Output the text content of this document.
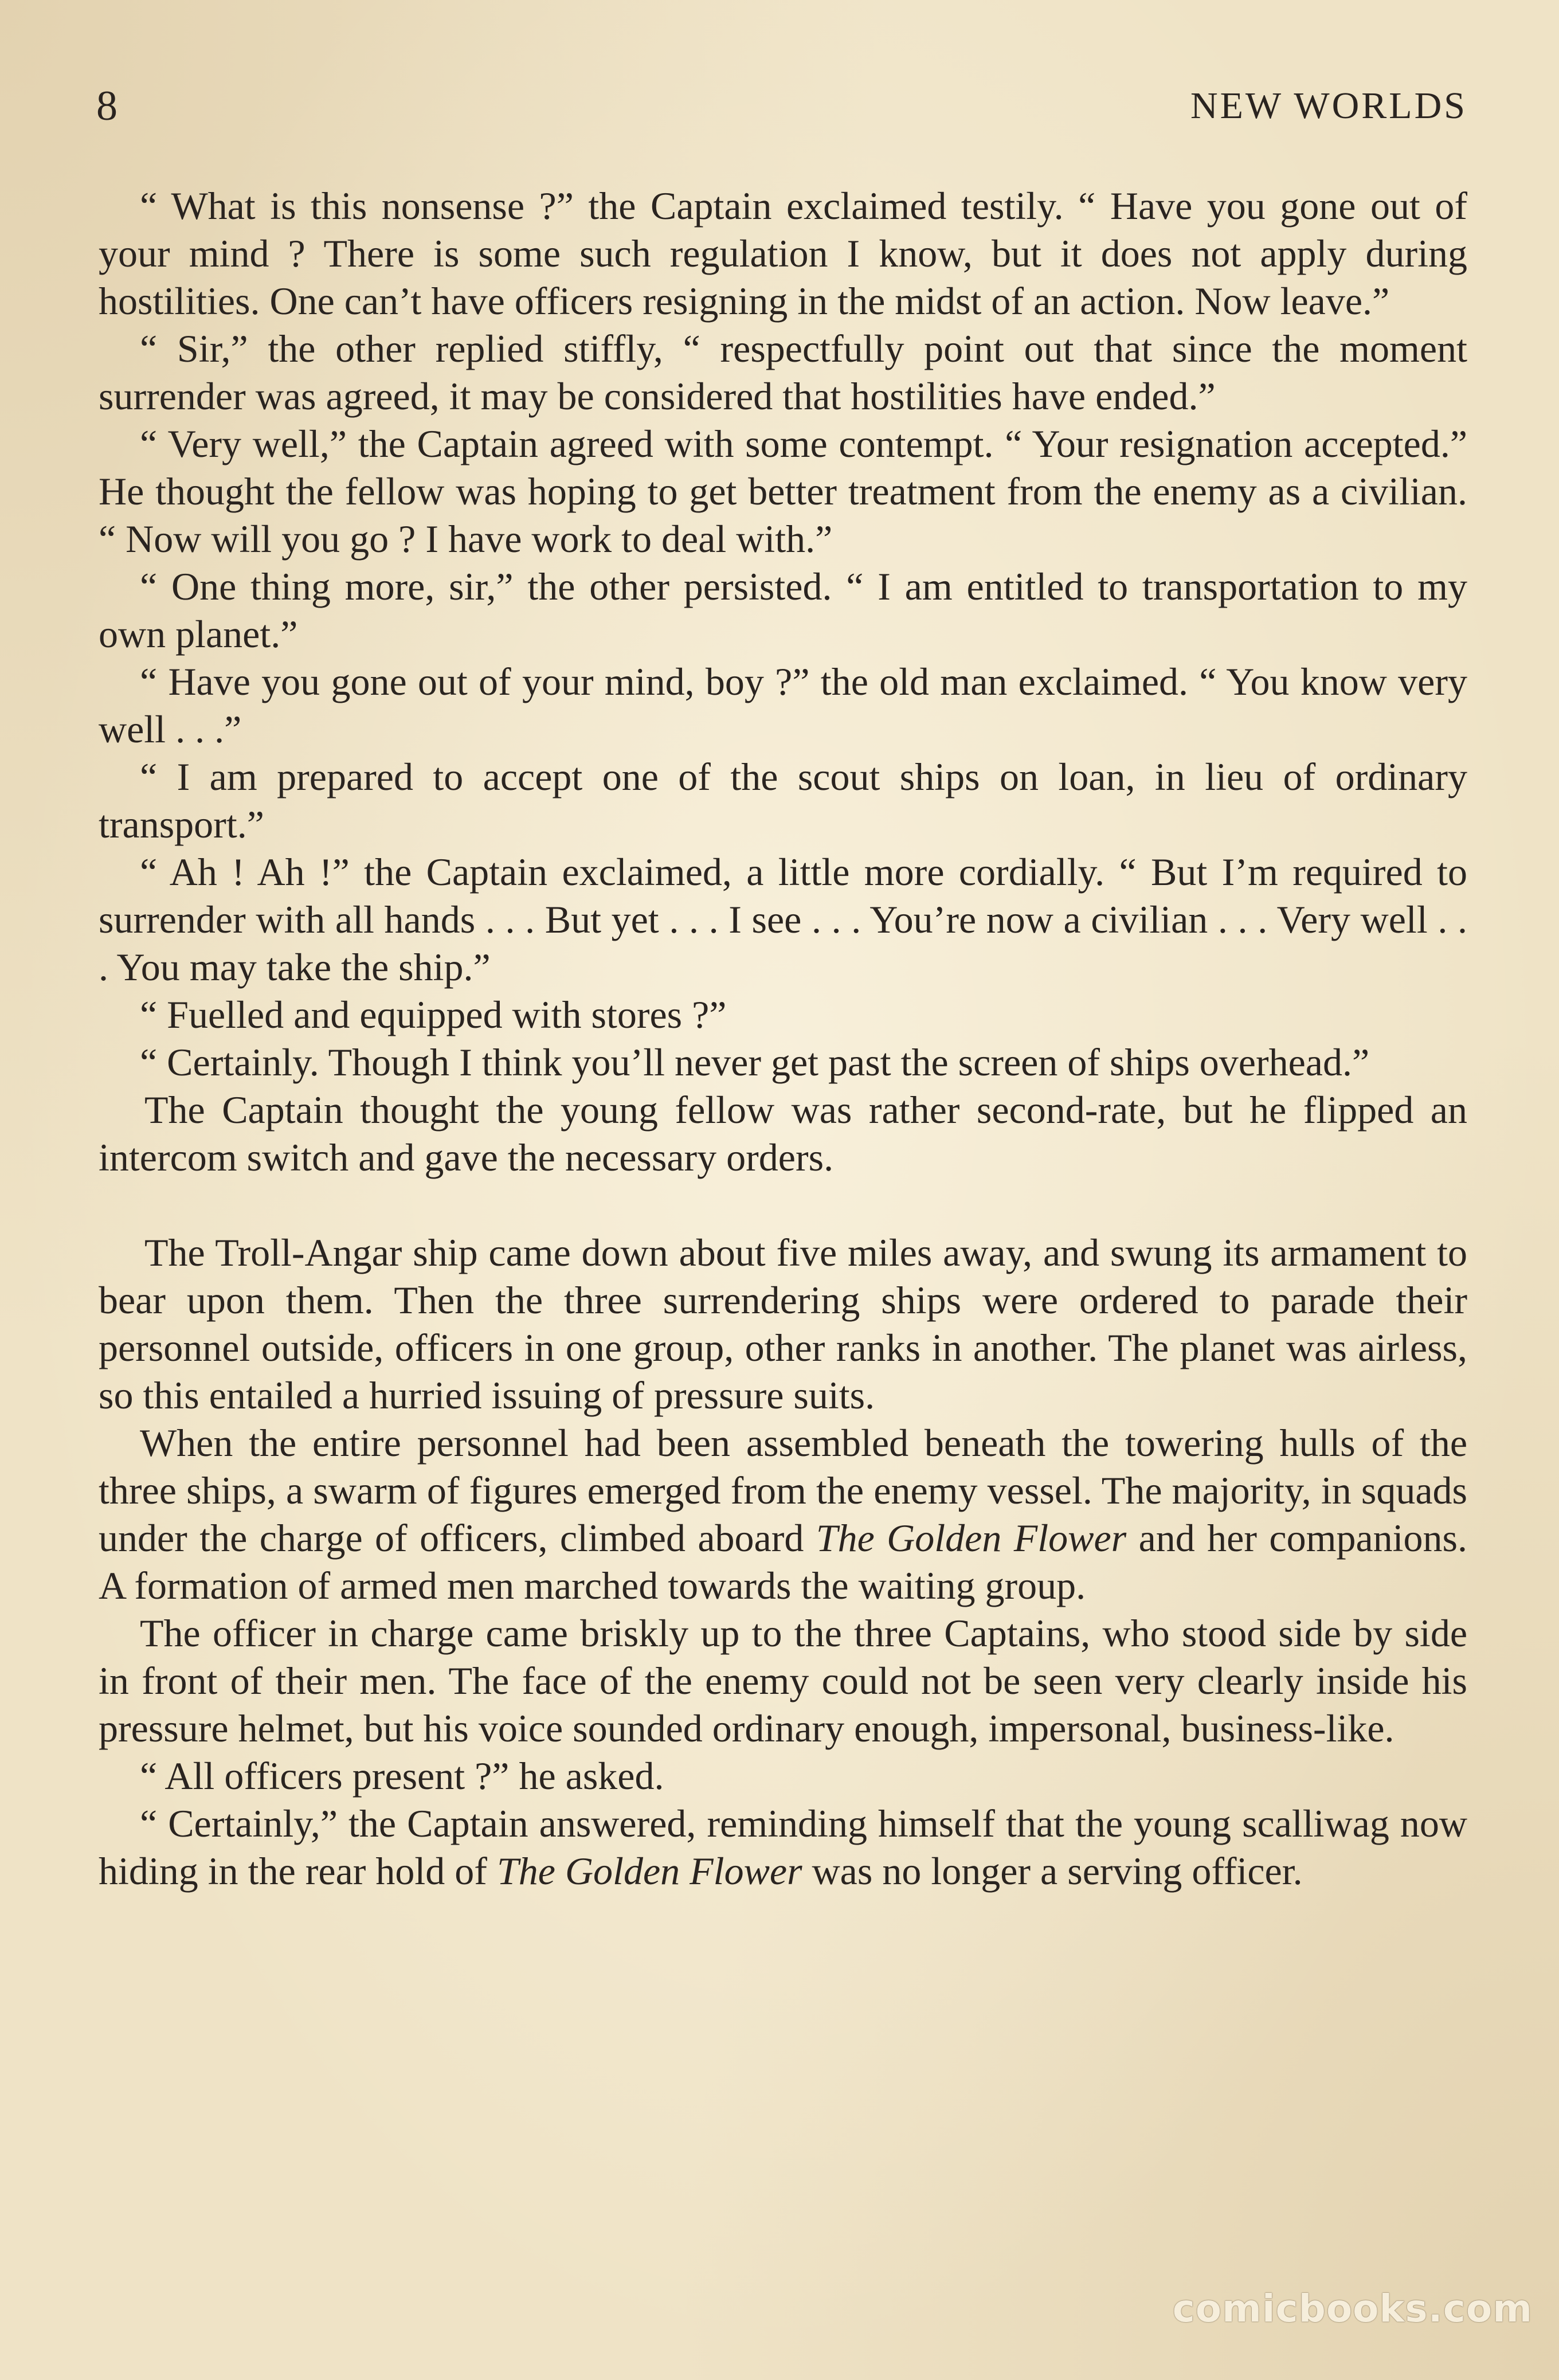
8	NEW WORLDS

“ What is this nonsense ?” the Captain exclaimed testily. “ Have you gone out of your mind ? There is some such regulation I know, but it does not apply during hostilities. One can’t have officers resigning in the midst of an action. Now leave.”

“ Sir,” the other replied stiffly, “ respectfully point out that since the moment surrender was agreed, it may be considered that hostilities have ended.”

“ Very well,” the Captain agreed with some contempt. “ Your resignation accepted.” He thought the fellow was hoping to get better treatment from the enemy as a civilian. “ Now will you go ? I have work to deal with.”

“ One thing more, sir,” the other persisted. “ I am entitled to transportation to my own planet.”

“ Have you gone out of your mind, boy ?” the old man exclaimed. “ You know very well . . .”

“ I am prepared to accept one of the scout ships on loan, in lieu of ordinary transport.”

“ Ah ! Ah !” the Captain exclaimed, a little more cordially. “ But I’m required to surrender with all hands . . . But yet . . . I see . . . You’re now a civilian . . . Very well . . . You may take the ship.”

“ Fuelled and equipped with stores ?”

“ Certainly. Though I think you’ll never get past the screen of ships overhead.”

The Captain thought the young fellow was rather second-rate, but he flipped an intercom switch and gave the necessary orders.

The Troll-Angar ship came down about five miles away, and swung its armament to bear upon them. Then the three surrendering ships were ordered to parade their personnel outside, officers in one group, other ranks in another. The planet was airless, so this entailed a hurried issuing of pressure suits.

When the entire personnel had been assembled beneath the towering hulls of the three ships, a swarm of figures emerged from the enemy vessel. The majority, in squads under the charge of officers, climbed aboard The Golden Flower and her companions. A formation of armed men marched towards the waiting group.

The officer in charge came briskly up to the three Captains, who stood side by side in front of their men. The face of the enemy could not be seen very clearly inside his pressure helmet, but his voice sounded ordinary enough, impersonal, business-like.

“ All officers present ?” he asked.

“ Certainly,” the Captain answered, reminding himself that the young scalliwag now hiding in the rear hold of The Golden Flower was no longer a serving officer.

comicbooks.com
